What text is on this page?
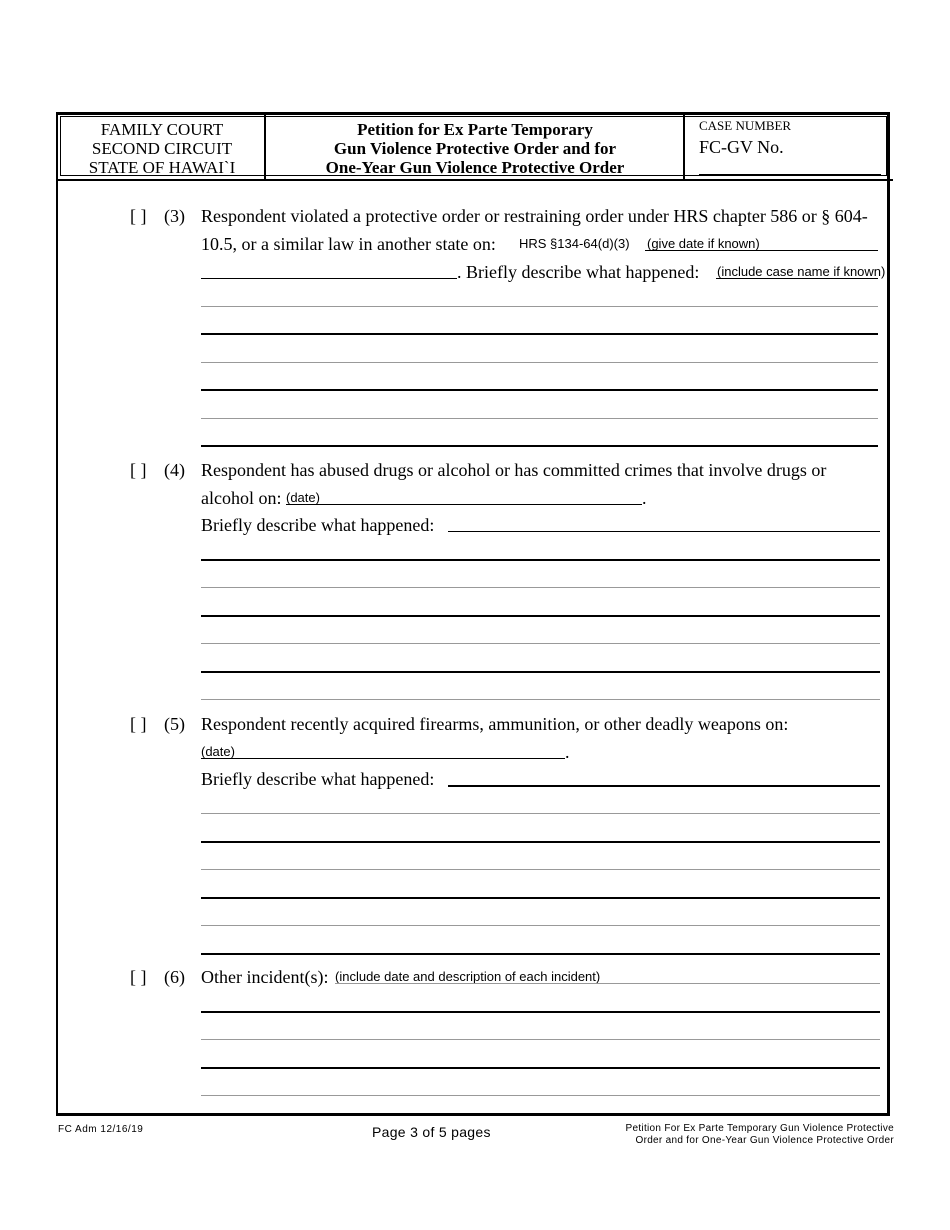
FAMILY COURT
SECOND CIRCUIT
STATE OF HAWAI`I
Petition for Ex Parte Temporary
Gun Violence Protective Order and for
One-Year Gun Violence Protective Order
CASE NUMBER
FC-GV No.
[ ] (3) Respondent violated a protective order or restraining order under HRS chapter 586 or § 604-
10.5, or a similar law in another state on: HRS §134-64(d)(3) (give date if known)
. Briefly describe what happened: (include case name if known)
[ ] (4) Respondent has abused drugs or alcohol or has committed crimes that involve drugs or
alcohol on: (date)	.
Briefly describe what happened:
[ ] (5) Respondent recently acquired firearms, ammunition, or other deadly weapons on:
(date)	.
Briefly describe what happened:
[ ] (6) Other incident(s): (include date and description of each incident)
FC Adm 12/16/19	Page 3 of 5 pages	Petition For Ex Parte Temporary Gun Violence Protective
Order and for One-Year Gun Violence Protective Order
